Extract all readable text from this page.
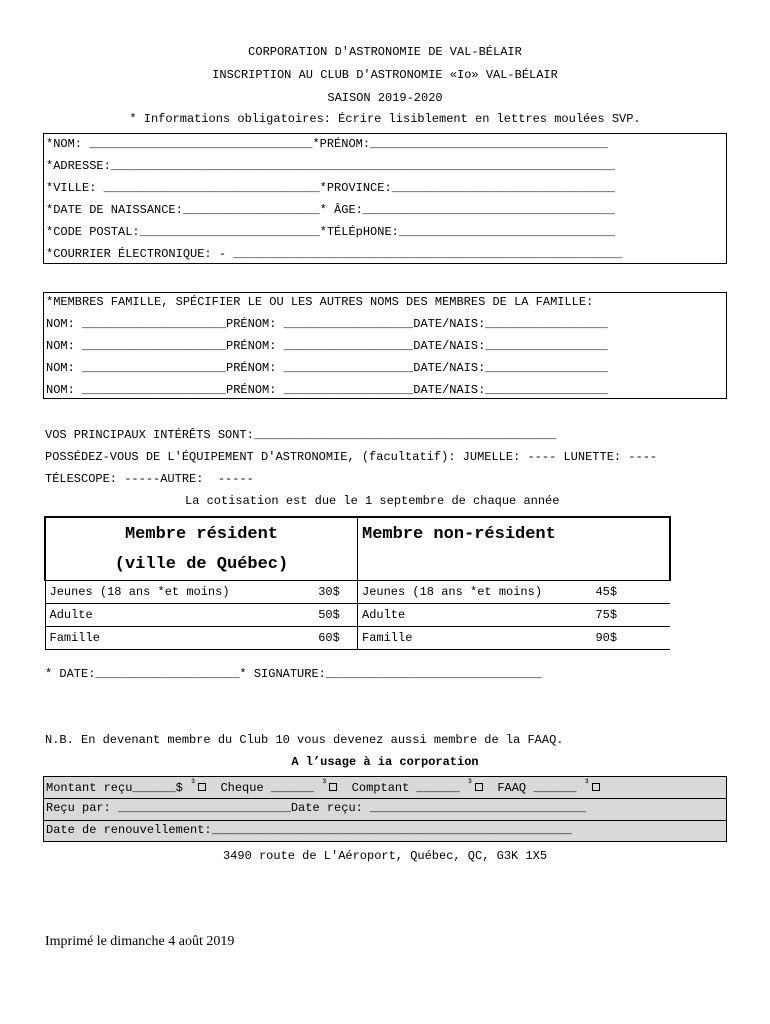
CORPORATION D'ASTRONOMIE DE VAL-BÉLAIR
INSCRIPTION AU CLUB D'ASTRONOMIE «Io» VAL-BÉLAIR
SAISON 2019-2020
* Informations obligatoires: Écrire lisiblement en lettres moulées SVP.
*NOM: _______________________________*PRÉNOM:_________________________________
*ADRESSE:______________________________________________________________________
*VILLE: ______________________________*PROVINCE:_______________________________
*DATE DE NAISSANCE:___________________* ÂGE:___________________________________
*CODE POSTAL:_________________________*TÉLÉpHONE:______________________________
*COURRIER ÉLECTRONIQUE: - ______________________________________________________
*MEMBRES FAMILLE, SPÉCIFIER LE OU LES AUTRES NOMS DES MEMBRES DE LA FAMILLE:
NOM: ____________________PRÉNOM: __________________DATE/NAIS:_________________
NOM: ____________________PRÉNOM: __________________DATE/NAIS:_________________
NOM: ____________________PRÉNOM: __________________DATE/NAIS:_________________
NOM: ____________________PRÉNOM: __________________DATE/NAIS:_________________
VOS PRINCIPAUX INTÉRÊTS SONT:__________________________________________
POSSÉDEZ-VOUS DE L'ÉQUIPEMENT D'ASTRONOMIE, (facultatif): JUMELLE: ---- LUNETTE: ----
TÉLESCOPE: -----AUTRE:  -----
La cotisation est due le 1 septembre de chaque année
Membre résident
(ville de Québec)		Membre non-résident	

Jeunes (18 ans *et moins)	30$	Jeunes (18 ans *et moins)	45$
Adulte	50$	Adulte	75$
Famille	60$	Famille	90$
* DATE:____________________* SIGNATURE:______________________________
N.B. En devenant membre du Club 10 vous devenez aussi membre de la FAAQ.
A l’usage à ia corporation
Montant reçu______$ $^{^3}$  Cheque ______ $^{^3}$  Comptant ______ $^{^3}$  FAAQ ______ $^{^3}$
Reçu par: ________________________Date reçu: ______________________________
Date de renouvellement:__________________________________________________
3490 route de L'Aéroport, Québec, QC, G3K 1X5
Imprimé le dimanche 4 août 2019
